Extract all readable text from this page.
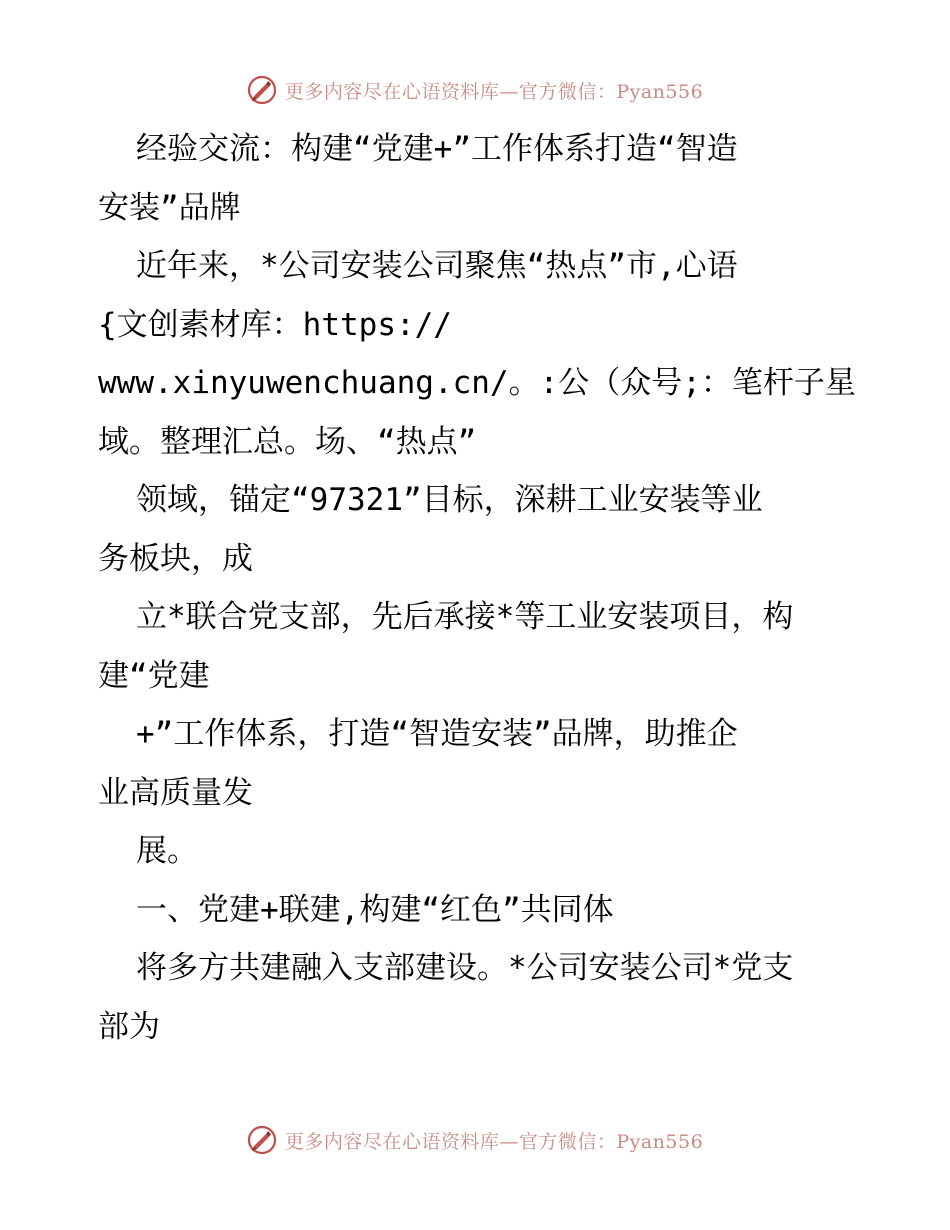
更多内容尽在心语资料库—官方微信：Pyan556
经验交流：构建“党建+”工作体系打造“智造
安装”品牌
近年来，*公司安装公司聚焦“热点”市,心语
{文创素材库：https://
www.xinyuwenchuang.cn/。:公（众号;：笔杆子星
域。整理汇总。场、“热点”
领域，锚定“97321”目标，深耕工业安装等业
务板块，成
立*联合党支部，先后承接*等工业安装项目，构
建“党建
+”工作体系，打造“智造安装”品牌，助推企
业高质量发
展。
一、党建+联建,构建“红色”共同体
将多方共建融入支部建设。*公司安装公司*党支
部为
更多内容尽在心语资料库—官方微信：Pyan556
